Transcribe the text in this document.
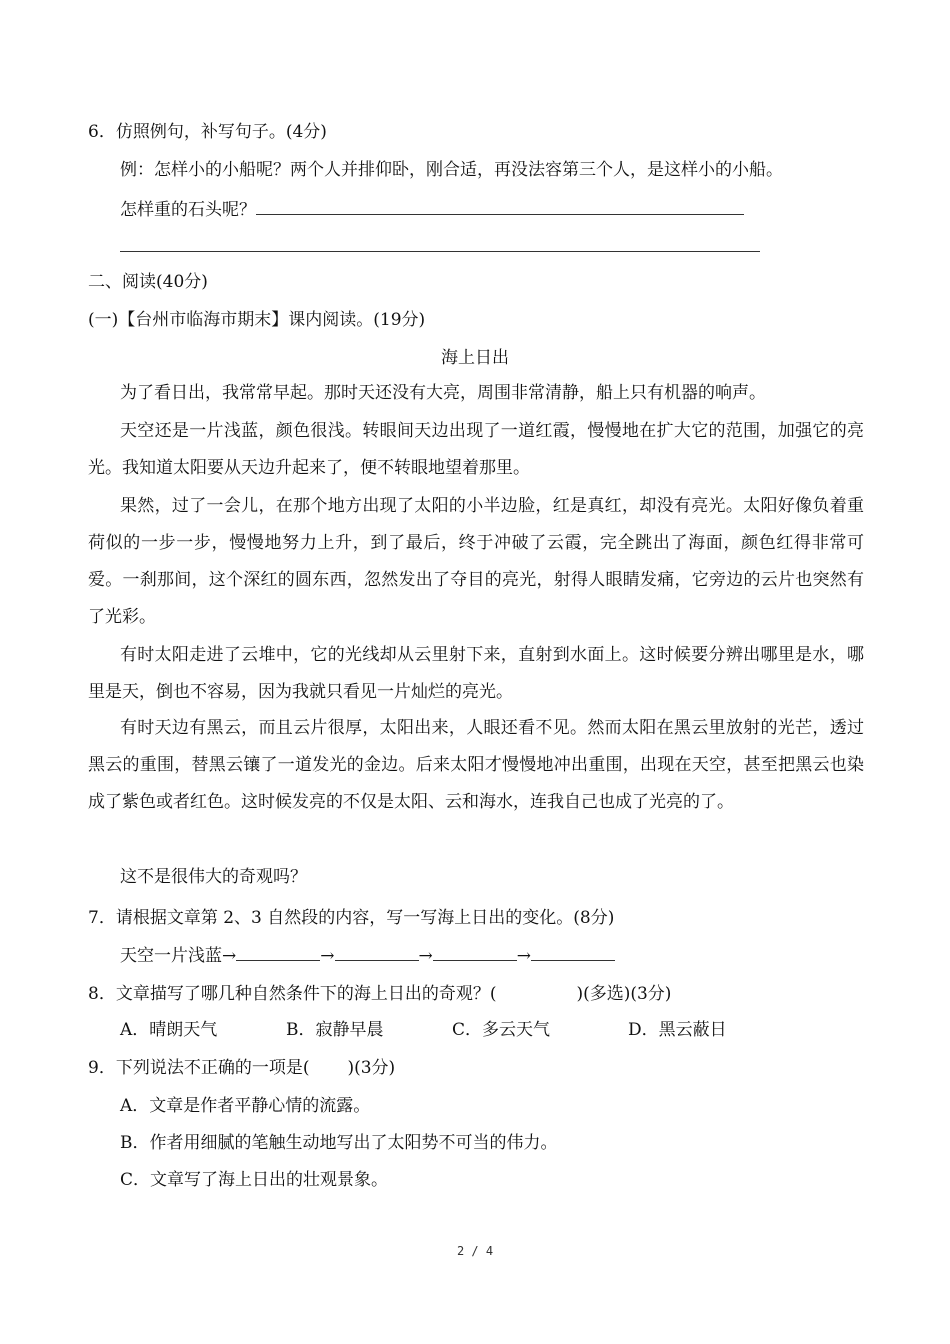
6．仿照例句，补写句子。(4分)
例：怎样小的小船呢？两个人并排仰卧，刚合适，再没法容第三个人，是这样小的小船。
怎样重的石头呢？
二、阅读(40分)
(一)【台州市临海市期末】课内阅读。(19分)
海上日出
为了看日出，我常常早起。那时天还没有大亮，周围非常清静，船上只有机器的响声。
天空还是一片浅蓝，颜色很浅。转眼间天边出现了一道红霞，慢慢地在扩大它的范围，加强它的亮光。我知道太阳要从天边升起来了，便不转眼地望着那里。
果然，过了一会儿，在那个地方出现了太阳的小半边脸，红是真红，却没有亮光。太阳好像负着重荷似的一步一步，慢慢地努力上升，到了最后，终于冲破了云霞，完全跳出了海面，颜色红得非常可爱。一刹那间，这个深红的圆东西，忽然发出了夺目的亮光，射得人眼睛发痛，它旁边的云片也突然有了光彩。
有时太阳走进了云堆中，它的光线却从云里射下来，直射到水面上。这时候要分辨出哪里是水，哪里是天，倒也不容易，因为我就只看见一片灿烂的亮光。
有时天边有黑云，而且云片很厚，太阳出来，人眼还看不见。然而太阳在黑云里放射的光芒，透过黑云的重围，替黑云镶了一道发光的金边。后来太阳才慢慢地冲出重围，出现在天空，甚至把黑云也染成了紫色或者红色。这时候发亮的不仅是太阳、云和海水，连我自己也成了光亮的了。
这不是很伟大的奇观吗？
7．请根据文章第 2、3 自然段的内容，写一写海上日出的变化。(8分)
天空一片浅蓝→	→	→	→
8．文章描写了哪几种自然条件下的海上日出的奇观？(	)(多选)(3分)
A．晴朗天气	B．寂静早晨	C．多云天气	D．黑云蔽日
9．下列说法不正确的一项是( )(3分)
A．文章是作者平静心情的流露。
B．作者用细腻的笔触生动地写出了太阳势不可当的伟力。
C．文章写了海上日出的壮观景象。
2 / 4
